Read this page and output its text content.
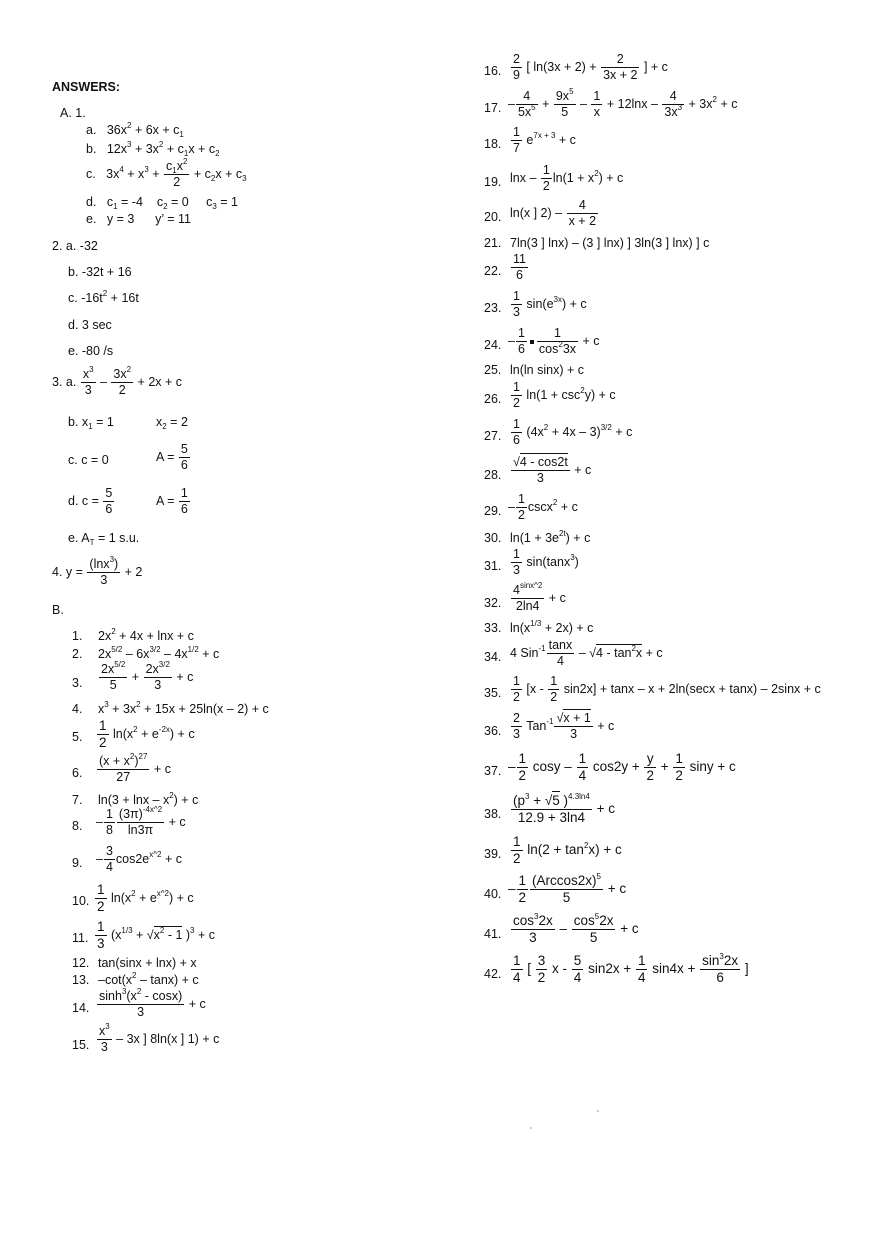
ANSWERS:
A. 1.
a.   $36x^2 + 6x + c_1$
b.   $12x^3 + 3x^2 + c_1x + c_2$
c.   $3x^4 + x^3 + \frac{c_1x^2}{2} + c_2x + c_3$
d.   $c_1 = -4$    $c_2 = 0$     $c_3 = 1$
e. y = 3 y’ = 11
2. a. -32
b. -32t + 16
c. $-16t^2 + 16t$
d. 3 sec
e. -80 /s
3. a. $\frac{x^3}{3} - \frac{3x^2}{2} + 2x + c$
b. $x_1 = 1$	$x_2 = 2$
c. c = 0	$A = \frac{5}{6}$
d. $c = \frac{5}{6}$	$A = \frac{1}{6}$
e. $A_T = 1$ s.u.
4. $y = \frac{(\ln x^3)}{3} + 2$
B.
1. $2x^2 + 4x + \ln x + c$
2. $2x^{5/2} - 6x^{3/2} - 4x^{1/2} + c$
3. $\frac{2x^{5/2}}{5} + \frac{2x^{3/2}}{3} + c$
4. $x^3 + 3x^2 + 15x + 25\ln(x - 2) + c$
5. $\frac{1}{2} \ln(x^2 + e^{-2x}) + c$
6. $\frac{(x + x^2)^{27}}{27} + c$
7. $\ln(3 + \ln x - x^2) + c$
8. – $\frac{1}{8} \frac{(3\pi)^{-4x\^{}2}}{\ln 3\pi} + c$
9. – $\frac{3}{4} \cos 2e^{x\^{}2} + c$
10. $\frac{1}{2} \ln(x^2 + e^{x\^{}2}) + c$
11. $\frac{1}{3} (x^{1/3} + √x^2 - 1$ )$^3$ + c
12. tan(sinx + lnx) + x
13. $-\cot(x^2 - \tan x) + c$
14. $\frac{\sinh^3(x^2 - \cos x)}{3} + c$
15. $\frac{x^3}{3} - 3x$ ] 8ln(x ] 1) + c
16. $\frac{2}{9}$ [ $\ln(3x + 2) + \frac{2}{3x + 2}$ ] + c
17. – $\frac{4}{5x^5} + \frac{9x^5}{5} - \frac{1}{x} + 12\ln x - \frac{4}{3x^3} + 3x^2 + c$
18. $\frac{1}{7} e^{7x + 3} + c$
19. $\ln x - \frac{1}{2} \ln(1 + x^2) + c$
20. ln(x ] $2) - \frac{4}{x + 2}$
21. 7ln(3 ] lnx) – (3 ] lnx) ] 3ln(3 ] lnx) ] c
22. $\frac{11}{6}$
23. $\frac{1}{3} \sin(e^{3x}) + c$
24. – $\frac{1}{6} \frac{1}{\cos^23x} + c$
25. ln(ln sinx) + c
26. $\frac{1}{2} \ln(1 + \csc^2y) + c$
27. $\frac{1}{6} (4x^2 + 4x - 3)^{3/2} + c$
28. $\frac{√4 - \cos 2t}{3} + c$
29. – $\frac{1}{2} \csc x^2 + c$
30. $\ln(1 + 3e^{2t}) + c$
31. $\frac{1}{3} \sin(\tan x^3)$
32. $\frac{4^{sinx\^{}2}}{2\ln 4} + c$
33. $\ln(x^{1/3} + 2x) + c$
34. 4 $Sin^{-1} \frac{\tan x}{4} - √4 - \tan^2x + c$
35. $\frac{1}{2} [x - \frac{1}{2} \sin 2x] + \tan x - x + 2\ln(\sec x + \tan x) - 2\sin x + c$
36. $\frac{2}{3} Tan^{-1} \frac{√x + 1}{3} + c$
37. – $\frac{1}{2}$ $\cos y - \frac{1}{4} \cos 2y + \frac{y}{2} + \frac{1}{2}$ siny + c
38. $\frac{(p^3 + √5 )^{4.3ln4}}{12.9 + 3\ln 4} + c$
39. $\frac{1}{2} \ln(2 + \tan^2x) + c$
40. – $\frac{1}{2} (Arccos2x)^5$
5
+ c
41. $\frac{\cos^32x}{3} - \frac{\cos^52x}{5} + c$
42. $\frac{1}{4}$ [ $\frac{3}{2}$ $x - \frac{5}{4} \sin 2x + \frac{1}{4} \sin 4x + \frac{\sin^32x}{6}$ ]
